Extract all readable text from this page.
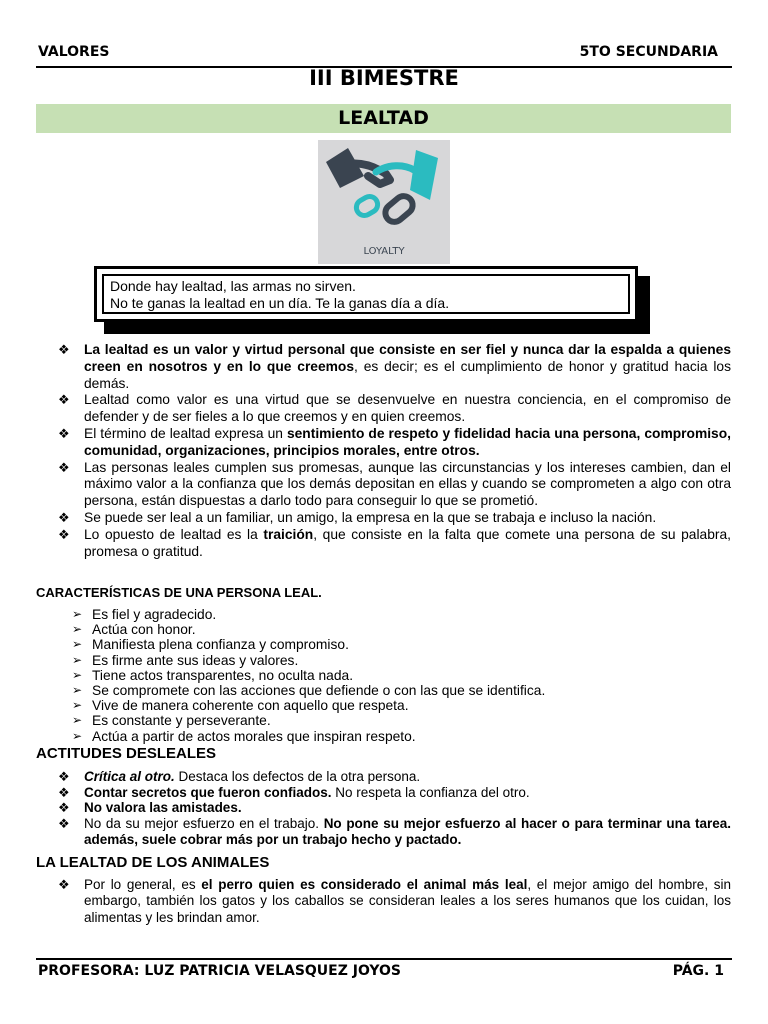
VALORES	5TO SECUNDARIA
III BIMESTRE
LEALTAD
LOYALTY
Donde hay lealtad, las armas no sirven.
No te ganas la lealtad en un día. Te la ganas día a día.
❖ La lealtad es un valor y virtud personal que consiste en ser fiel y nunca dar la espalda a quienes creen en nosotros y en lo que creemos, es decir; es el cumplimiento de honor y gratitud hacia los demás.
❖ Lealtad como valor es una virtud que se desenvuelve en nuestra conciencia, en el compromiso de defender y de ser fieles a lo que creemos y en quien creemos.
❖ El término de lealtad expresa un sentimiento de respeto y fidelidad hacia una persona, compromiso, comunidad, organizaciones, principios morales, entre otros.
❖ Las personas leales cumplen sus promesas, aunque las circunstancias y los intereses cambien, dan el máximo valor a la confianza que los demás depositan en ellas y cuando se comprometen a algo con otra persona, están dispuestas a darlo todo para conseguir lo que se prometió.
❖ Se puede ser leal a un familiar, un amigo, la empresa en la que se trabaja e incluso la nación.
❖ Lo opuesto de lealtad es la traición, que consiste en la falta que comete una persona de su palabra, promesa o gratitud.
CARACTERÍSTICAS DE UNA PERSONA LEAL.
➢ Es fiel y agradecido.
➢ Actúa con honor.
➢ Manifiesta plena confianza y compromiso.
➢ Es firme ante sus ideas y valores.
➢ Tiene actos transparentes, no oculta nada.
➢ Se compromete con las acciones que defiende o con las que se identifica.
➢ Vive de manera coherente con aquello que respeta.
➢ Es constante y perseverante.
➢ Actúa a partir de actos morales que inspiran respeto.
ACTITUDES DESLEALES
❖ Crítica al otro. Destaca los defectos de la otra persona.
❖ Contar secretos que fueron confiados. No respeta la confianza del otro.
❖ No valora las amistades.
❖ No da su mejor esfuerzo en el trabajo. No pone su mejor esfuerzo al hacer o para terminar una tarea. además, suele cobrar más por un trabajo hecho y pactado.
LA LEALTAD DE LOS ANIMALES
❖ Por lo general, es el perro quien es considerado el animal más leal, el mejor amigo del hombre, sin embargo, también los gatos y los caballos se consideran leales a los seres humanos que los cuidan, los alimentas y les brindan amor.
PROFESORA: LUZ PATRICIA VELASQUEZ JOYOS	PÁG. 1
